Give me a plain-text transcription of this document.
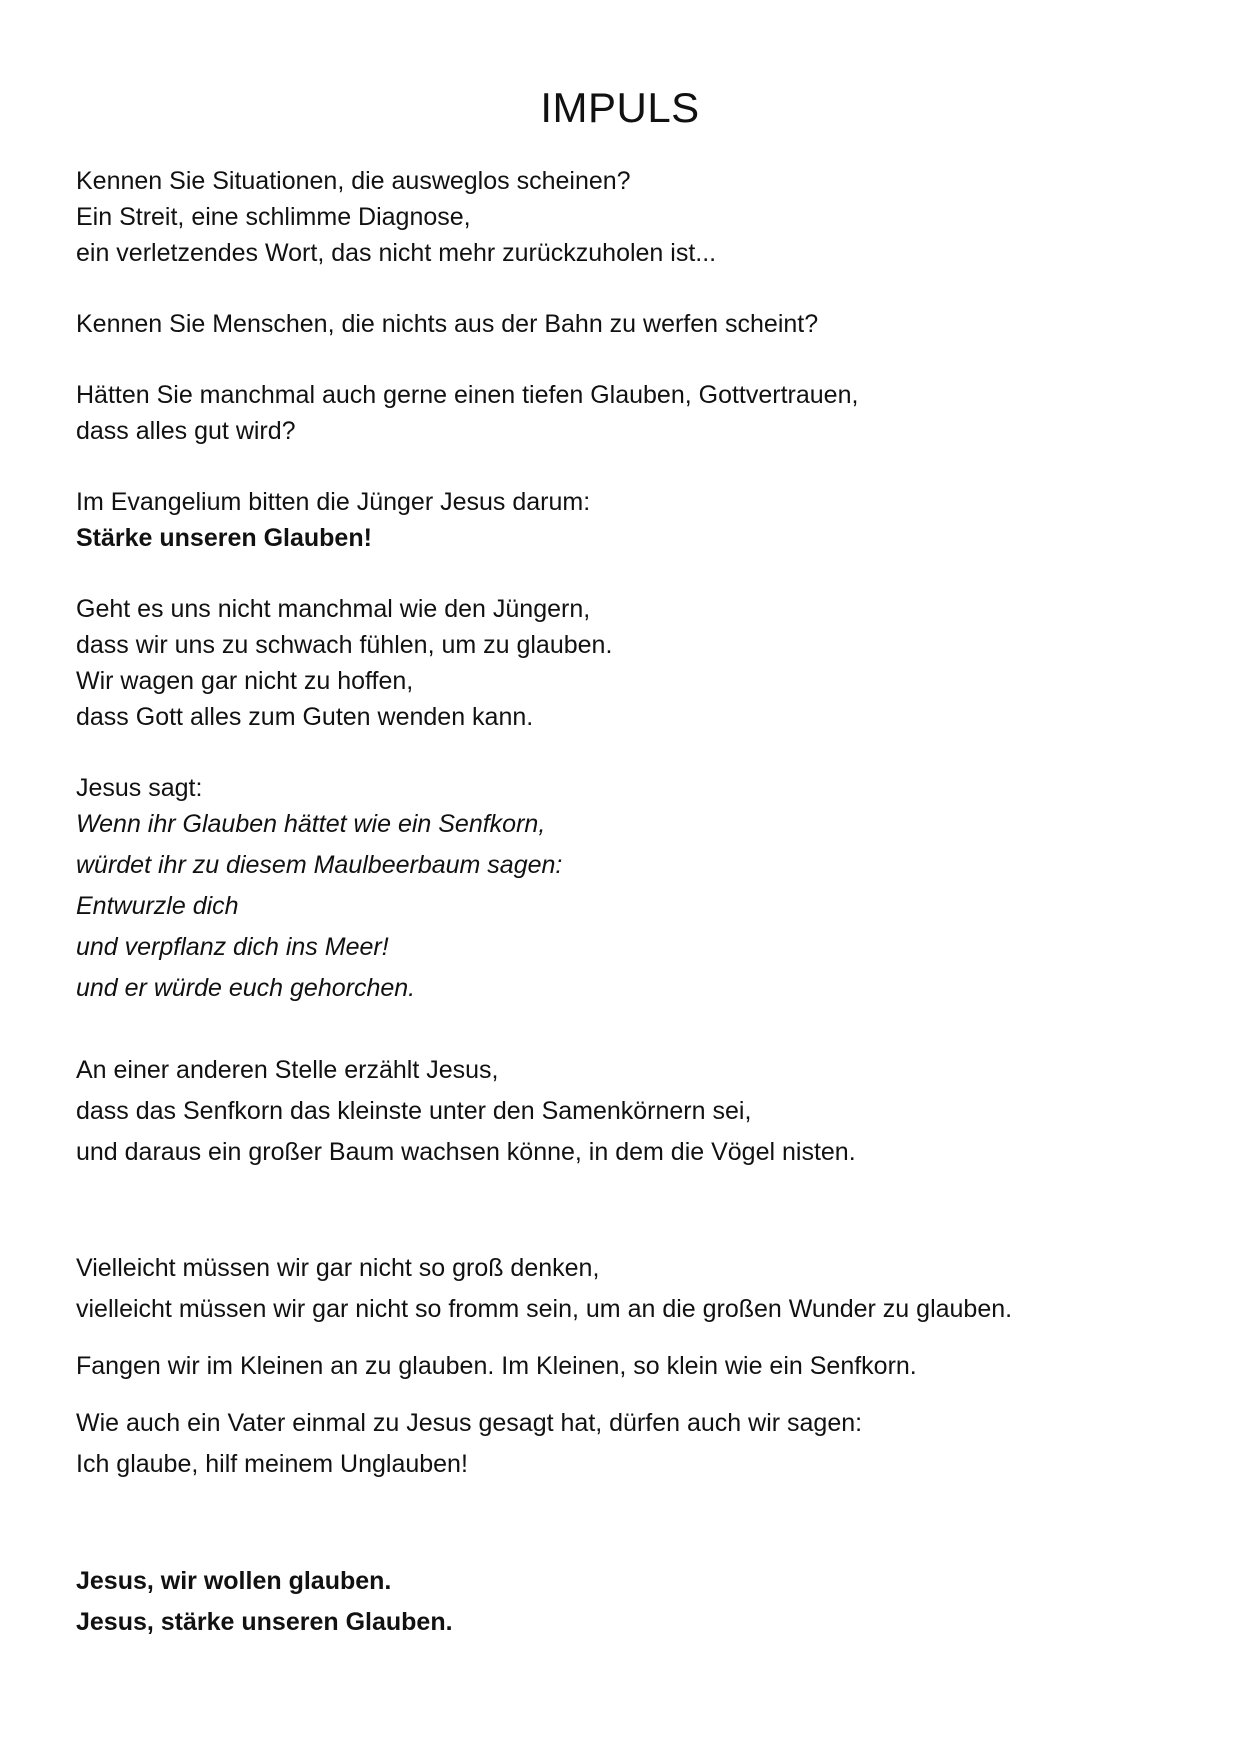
IMPULS
Kennen Sie Situationen, die ausweglos scheinen?
Ein Streit, eine schlimme Diagnose,
ein verletzendes Wort, das nicht mehr zurückzuholen ist...
Kennen Sie Menschen, die nichts aus der Bahn zu werfen scheint?
Hätten Sie manchmal auch gerne einen tiefen Glauben, Gottvertrauen,
dass alles gut wird?
Im Evangelium bitten die Jünger Jesus darum:
Stärke unseren Glauben!
Geht es uns nicht manchmal wie den Jüngern,
dass wir uns zu schwach fühlen, um zu glauben.
Wir wagen gar nicht zu hoffen,
dass Gott alles zum Guten wenden kann.
Jesus sagt:
Wenn ihr Glauben hättet wie ein Senfkorn,
würdet ihr zu diesem Maulbeerbaum sagen:
Entwurzle dich
und verpflanz dich ins Meer!
und er würde euch gehorchen.
An einer anderen Stelle erzählt Jesus,
dass das Senfkorn das kleinste unter den Samenkörnern sei,
und daraus ein großer Baum wachsen könne, in dem die Vögel nisten.
Vielleicht müssen wir gar nicht so groß denken,
vielleicht müssen wir gar nicht so fromm sein, um an die großen Wunder zu glauben.
Fangen wir im Kleinen an zu glauben. Im Kleinen, so klein wie ein Senfkorn.
Wie auch ein Vater einmal zu Jesus gesagt hat, dürfen auch wir sagen:
Ich glaube, hilf meinem Unglauben!
Jesus, wir wollen glauben.
Jesus, stärke unseren Glauben.
